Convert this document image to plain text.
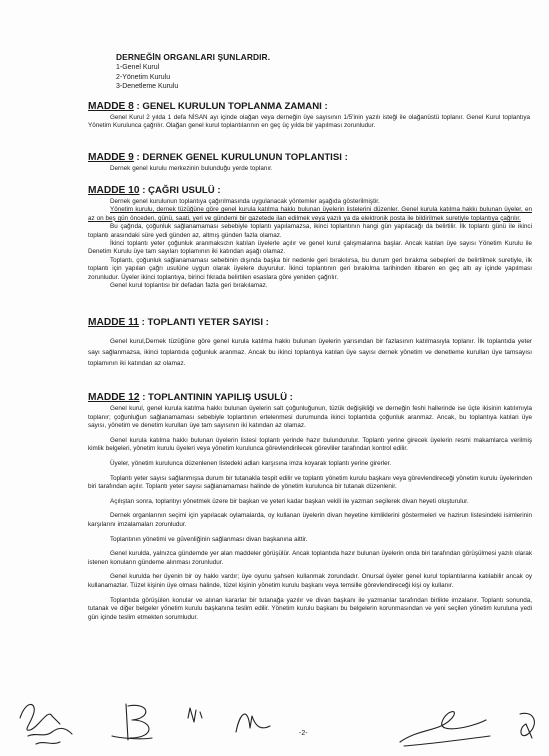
DERNEĞİN ORGANLARI ŞUNLARDIR.
1-Genel Kurul
2-Yönetim Kurulu
3-Denetleme Kurulu
MADDE 8 : GENEL KURULUN TOPLANMA ZAMANI :
Genel Kurul 2 yılda 1 defa NİSAN ayı içinde olağan veya derneğin üye sayısının 1/5'inin yazılı isteği ile olağanüstü toplanır. Genel Kurul toplantıya Yönetim Kurulunca çağrılır. Olağan genel kurul toplantılarının en geç üç yılda bir yapılması zorunludur.
MADDE 9 : DERNEK GENEL KURULUNUN TOPLANTISI :
Dernek genel kurulu merkezinin bulunduğu yerde toplanır.
MADDE 10 : ÇAĞRI USULÜ :
Dernek genel kurulunun toplantıya çağırılmasında uygulanacak yöntemler aşağıda gösterilmiştir.
Yönetim kurulu, dernek tüzüğüne göre genel kurula katılma hakkı bulunan üyelerin listelerini düzenler. Genel kurula katılma hakkı bulunan üyeler, en az on beş gün önceden, günü, saati, yeri ve gündemi bir gazetede ilan edilmek veya yazılı ya da elektronik posta ile bildirilmek suretiyle toplantıya çağrılır.
Bu çağrıda, çoğunluk sağlanamaması sebebiyle toplantı yapılamazsa, ikinci toplantının hangi gün yapılacağı da belirtilir. İlk toplantı günü ile ikinci toplantı arasındaki süre yedi günden az, altmış günden fazla olamaz.
İkinci toplantı yeter çoğunluk aranmaksızın katılan üyelerle açılır ve genel kurul çalışmalarına başlar. Ancak katılan üye sayısı Yönetim Kurulu ile Denetim Kurulu üye tam sayıları toplamının iki katından aşağı olamaz.
Toplantı, çoğunluk sağlanamaması sebebinin dışında başka bir nedenle geri bırakılırsa, bu durum geri bırakma sebepleri de belirtilmek suretiyle, ilk toplantı için yapılan çağrı usulüne uygun olarak üyelere duyurulur. İkinci toplantının geri bırakılma tarihinden itibaren en geç altı ay içinde yapılması zorunludur. Üyeler ikinci toplantıya, birinci fıkrada belirtilen esaslara göre yeniden çağrılır.
Genel kurul toplantısı bir defadan fazla geri bırakılamaz.
MADDE 11 : TOPLANTI YETER SAYISI :
Genel kurul,Dernek tüzüğüne göre genel kurula katılma hakkı bulunan üyelerin yarısından bir fazlasının katılmasıyla toplanır. İlk toplantıda yeter sayı sağlanmazsa, ikinci toplantıda çoğunluk aranmaz. Ancak bu ikinci toplantıya katılan üye sayısı dernek yönetim ve denetleme kurulları üye tamsayısı toplamının iki katından az olamaz.
MADDE 12 : TOPLANTININ YAPILIŞ USULÜ :
Genel kurul, genel kurula katılma hakkı bulunan üyelerin salt çoğunluğunun, tüzük değişikliği ve derneğin feshi hallerinde ise üçte ikisinin katılımıyla toplanır; çoğunluğun sağlanamaması sebebiyle toplantının ertelenmesi durumunda ikinci toplantıda çoğunluk aranmaz. Ancak, bu toplantıya katılan üye sayısı, yönetim ve denetim kurulları üye tam sayısının iki katından az olamaz.
Genel kurula katılma hakkı bulunan üyelerin listesi toplantı yerinde hazır bulundurulur. Toplantı yerine girecek üyelerin resmi makamlarca verilmiş kimlik belgeleri, yönetim kurulu üyeleri veya yönetim kurulunca görevlendirilecek görevliler tarafından kontrol edilir.
Üyeler, yönetim kurulunca düzenlenen listedeki adları karşısına imza koyarak toplantı yerine girerler.
Toplantı yeter sayısı sağlanmışsa durum bir tutanakla tespit edilir ve toplantı yönetim kurulu başkanı veya görevlendireceği yönetim kurulu üyelerinden biri tarafından açılır. Toplantı yeter sayısı sağlanamaması halinde de yönetim kurulunca bir tutanak düzenlenir.
Açılıştan sonra, toplantıyı yönetmek üzere bir başkan ve yeteri kadar başkan vekili ile yazman seçilerek divan heyeti oluşturulur.
Dernek organlarının seçimi için yapılacak oylamalarda, oy kullanan üyelerin divan heyetine kimliklerini göstermeleri ve hazirun listesindeki isimlerinin karşılarını imzalamaları zorunludur.
Toplantının yönetimi ve güvenliğinin sağlanması divan başkanına aittir.
Genel kurulda, yalnızca gündemde yer alan maddeler görüşülür. Ancak toplantıda hazır bulunan üyelerin onda biri tarafından görüşülmesi yazılı olarak istenen konuların gündeme alınması zorunludur.
Genel kurulda her üyenin bir oy hakkı vardır; üye oyunu şahsen kullanmak zorundadır. Onursal üyeler genel kurul toplantılarına katılabilir ancak oy kullanamazlar. Tüzel kişinin üye olması halinde, tüzel kişinin yönetim kurulu başkanı veya temsille görevlendireceği kişi oy kullanır.
Toplantıda görüşülen konular ve alınan kararlar bir tutanağa yazılır ve divan başkanı ile yazmanlar tarafından birlikte imzalanır. Toplantı sonunda, tutanak ve diğer belgeler yönetim kurulu başkanına teslim edilir. Yönetim kurulu başkanı bu belgelerin korunmasından ve yeni seçilen yönetim kuruluna yedi gün içinde teslim etmekten sorumludur.
-2-
